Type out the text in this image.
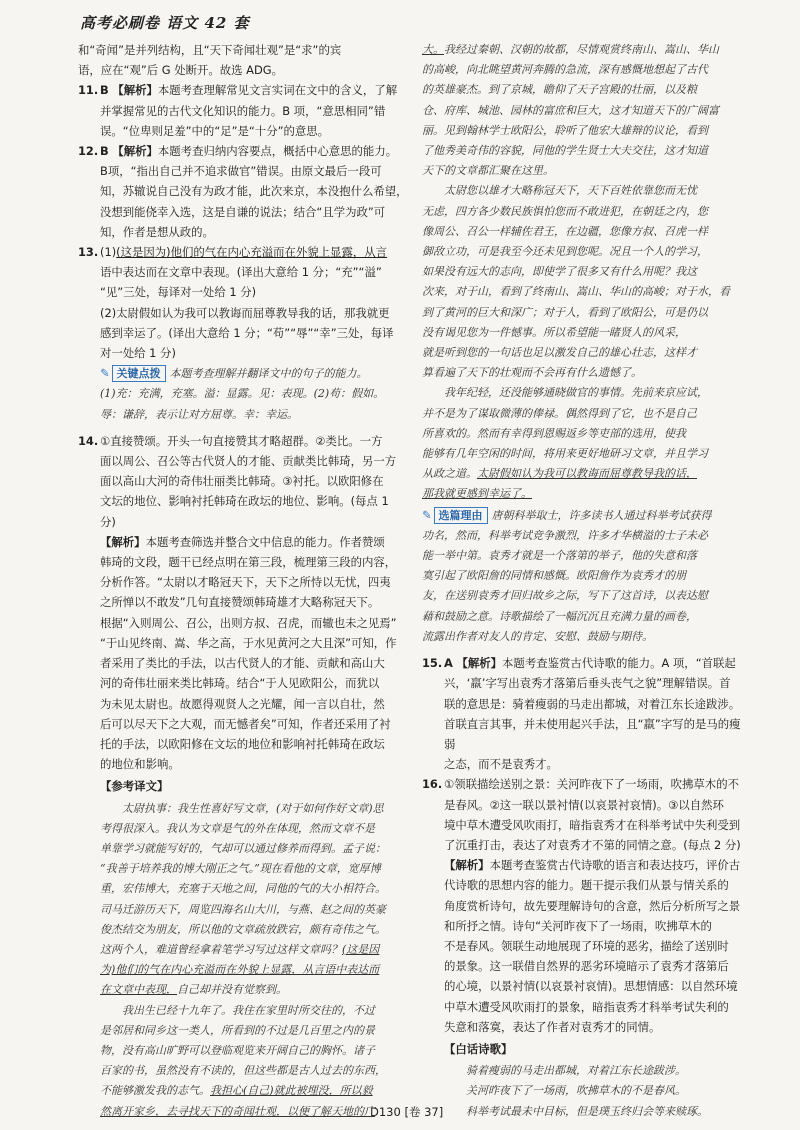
高考必刷卷 语文 42 套

和“奇闻”是并列结构，且“天下奇闻壮观”是“求”的宾

语，应在“观”后 G 处断开。故选 ADG。

11. B 【解析】本题考查理解常见文言实词在文中的含义，了解

并掌握常见的古代文化知识的能力。B 项，“意思相同”错

误。“位卑则足羞”中的“足”是“十分”的意思。

12. B 【解析】本题考查归纳内容要点，概括中心意思的能力。

B项，“指出自己并不追求做官”错误。由原文最后一段可

知，苏辙说自己没有为政才能，此次来京，本没抱什么希望，

没想到能侥幸入选，这是自谦的说法；结合“且学为政”可

知，作者是想从政的。

13. (1)(这是因为)他们的气在内心充溢而在外貌上显露，从言

语中表达而在文章中表现。(译出大意给 1 分；“充”“溢”

“见”三处，每译对一处给 1 分)

(2)太尉假如认为我可以教诲而屈尊教导我的话，那我就更

感到幸运了。(译出大意给 1 分；“苟”“辱”“幸”三处，每译

对一处给 1 分)

✎ 关键点拨 本题考查理解并翻译文中的句子的能力。

(1)充：充满，充塞。溢：显露。见：表现。(2)苟：假如。

辱：谦辞，表示让对方屈尊。幸：幸运。

14. ①直接赞颂。开头一句直接赞其才略超群。②类比。一方

面以周公、召公等古代贤人的才能、贡献类比韩琦，另一方

面以高山大河的奇伟壮丽类比韩琦。③衬托。以欧阳修在

文坛的地位、影响衬托韩琦在政坛的地位、影响。(每点 1 分)

【解析】本题考查筛选并整合文中信息的能力。作者赞颂

韩琦的文段，题干已经点明在第三段，梳理第三段的内容，

分析作答。“太尉以才略冠天下，天下之所恃以无忧，四夷

之所惮以不敢发”几句直接赞颂韩琦雄才大略称冠天下。

根据“入则周公、召公，出则方叔、召虎，而辙也未之见焉”

“于山见终南、嵩、华之高，于水见黄河之大且深”可知，作

者采用了类比的手法，以古代贤人的才能、贡献和高山大

河的奇伟壮丽来类比韩琦。结合“于人见欧阳公，而犹以

为未见太尉也。故愿得观贤人之光耀，闻一言以自壮，然

后可以尽天下之大观，而无憾者矣”可知，作者还采用了衬

托的手法，以欧阳修在文坛的地位和影响衬托韩琦在政坛

的地位和影响。

【参考译文】

太尉执事：我生性喜好写文章，(对于如何作好文章)思

考得很深入。我认为文章是气的外在体现，然而文章不是

单靠学习就能写好的，气却可以通过修养而得到。孟子说：

“我善于培养我的博大刚正之气。”现在看他的文章，宽厚博

重，宏伟博大，充塞于天地之间，同他的气的大小相符合。

司马迁游历天下，周览四海名山大川，与燕、赵之间的英豪

俊杰结交为朋友，所以他的文章疏放跌宕，颇有奇伟之气。

这两个人，难道曾经拿着笔学习写过这样文章吗？(这是因

为)他们的气在内心充溢而在外貌上显露，从言语中表达而

在文章中表现，自己却并没有觉察到。

我出生已经十九年了。我住在家里时所交往的，不过

是邻居和同乡这一类人，所看到的不过是几百里之内的景

物，没有高山旷野可以登临观览来开阔自己的胸怀。诸子

百家的书，虽然没有不读的，但这些都是古人过去的东西，

不能够激发我的志气。我担心(自己)就此被埋没，所以毅

然离开家乡，去寻找天下的奇闻壮观，以便了解天地的广

大。我经过秦朝、汉朝的故都，尽情观赏终南山、嵩山、华山

的高峻，向北眺望黄河奔腾的急流，深有感慨地想起了古代

的英雄豪杰。到了京城，瞻仰了天子宫殿的壮丽，以及粮

仓、府库、城池、园林的富庶和巨大，这才知道天下的广阔富

丽。见到翰林学士欧阳公，聆听了他宏大雄辩的议论，看到

了他秀美奇伟的容貌，同他的学生贤士大夫交往，这才知道

天下的文章都汇聚在这里。

太尉您以雄才大略称冠天下，天下百姓依靠您而无忧

无虑，四方各少数民族惧怕您而不敢进犯，在朝廷之内，您

像周公、召公一样辅佐君王，在边疆，您像方叔、召虎一样

御敌立功，可是我至今还未见到您呢。况且一个人的学习，

如果没有远大的志向，即使学了很多又有什么用呢？我这

次来，对于山，看到了终南山、嵩山、华山的高峻；对于水，看

到了黄河的巨大和深广；对于人，看到了欧阳公，可是仍以

没有谒见您为一件憾事。所以希望能一睹贤人的风采，

就是听到您的一句话也足以激发自己的雄心壮志，这样才

算看遍了天下的壮观而不会再有什么遗憾了。

我年纪轻，还没能够通晓做官的事情。先前来京应试，

并不是为了谋取微薄的俸禄。偶然得到了它，也不是自己

所喜欢的。然而有幸得到恩赐返乡等吏部的选用，使我

能够有几年空闲的时间，将用来更好地研习文章，并且学习

从政之道。太尉假如认为我可以教诲而屈尊教导我的话，

那我就更感到幸运了。

✎ 选篇理由 唐朝科举取士，许多读书人通过科举考试获得

功名，然而，科举考试竞争激烈，许多才华横溢的士子未必

能一举中第。袁秀才就是一个落第的举子，他的失意和落

寞引起了欧阳詹的同情和感慨。欧阳詹作为袁秀才的朋

友，在送别袁秀才回归故乡之际，写下了这首诗，以表达慰

藉和鼓励之意。诗歌描绘了一幅沉沉且充满力量的画卷，

流露出作者对友人的肯定、安慰、鼓励与期待。

15. A 【解析】本题考查鉴赏古代诗歌的能力。A 项，“首联起

兴，‘羸’字写出袁秀才落第后垂头丧气之貌”理解错误。首

联的意思是：骑着瘦弱的马走出都城，对着江东长途跋涉。

首联直言其事，并未使用起兴手法，且“羸”字写的是马的瘦弱

之态，而不是袁秀才。

16. ①领联描绘送别之景：关河昨夜下了一场雨，吹拂草木的不

是春风。②这一联以景衬情(以哀景衬哀情)。③以自然环

境中草木遭受风吹雨打，暗指袁秀才在科举考试中失利受到

了沉重打击，表达了对袁秀才不第的同情之意。(每点 2 分)

【解析】本题考查鉴赏古代诗歌的语言和表达技巧，评价古

代诗歌的思想内容的能力。题干提示我们从景与情关系的

角度赏析诗句，故先要理解诗句的含意，然后分析所写之景

和所抒之情。诗句“关河昨夜下了一场雨，吹拂草木的

不是春风。领联生动地展现了环境的恶劣，描绘了送别时

的景象。这一联借自然界的恶劣环境暗示了袁秀才落第后

的心境，以景衬情(以哀景衬哀情)。思想情感：以自然环境

中草木遭受风吹雨打的景象，暗指袁秀才科举考试失利的

失意和落寞，表达了作者对袁秀才的同情。

【白话诗歌】

骑着瘦弱的马走出都城，对着江东长途跋涉。

关河昨夜下了一场雨，吹拂草木的不是春风。

科举考试最未中目标，但是璞玉终归会等来赎琢。

D130 [卷 37]
